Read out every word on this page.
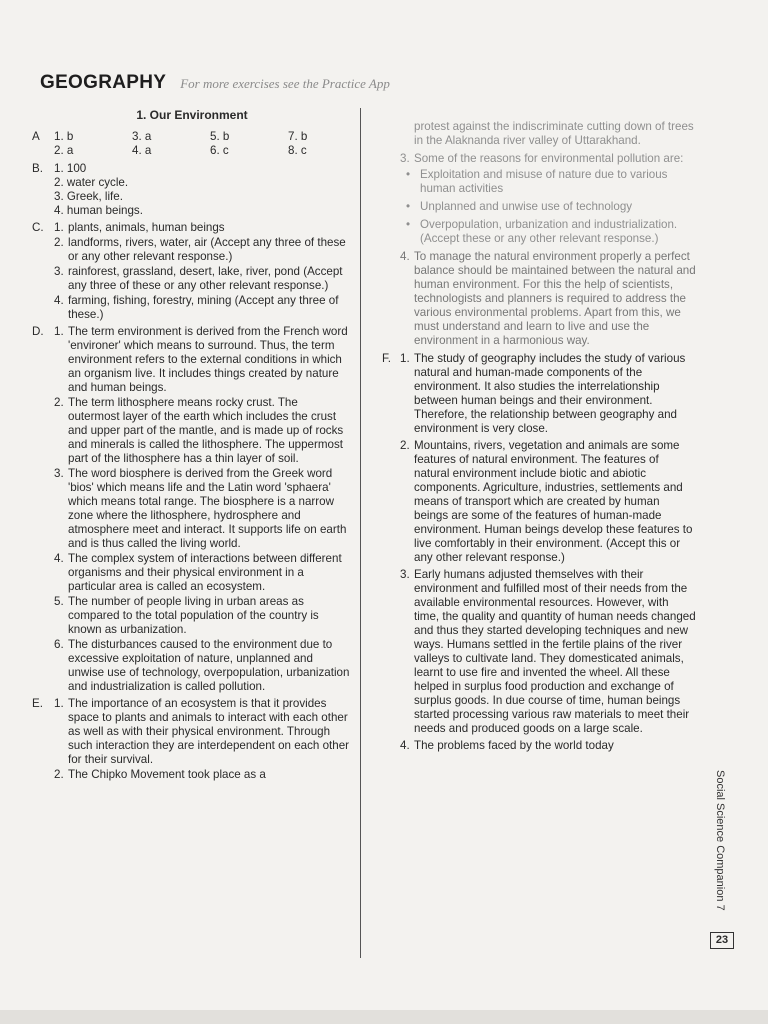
GEOGRAPHY For more exercises see the Practice App
1. Our Environment
A	1. b	3. a	5. b	7. b
2. a	4. a	6. c	8. c
B. 1. 100
2. water cycle.
3. Greek, life.
4. human beings.
C. 1. plants, animals, human beings
2. landforms, rivers, water, air (Accept any three of these or any other relevant response.)
3. rainforest, grassland, desert, lake, river, pond (Accept any three of these or any other relevant response.)
4. farming, fishing, forestry, mining (Accept any three of these.)
D. 1. The term environment is derived from the French word 'environer' which means to surround. Thus, the term environment refers to the external conditions in which an organism live. It includes things created by nature and human beings.
2. The term lithosphere means rocky crust. The outermost layer of the earth which includes the crust and upper part of the mantle, and is made up of rocks and minerals is called the lithosphere. The uppermost part of the lithosphere has a thin layer of soil.
3. The word biosphere is derived from the Greek word 'bios' which means life and the Latin word 'sphaera' which means total range. The biosphere is a narrow zone where the lithosphere, hydrosphere and atmosphere meet and interact. It supports life on earth and is thus called the living world.
4. The complex system of interactions between different organisms and their physical environment in a particular area is called an ecosystem.
5. The number of people living in urban areas as compared to the total population of the country is known as urbanization.
6. The disturbances caused to the environment due to excessive exploitation of nature, unplanned and unwise use of technology, overpopulation, urbanization and industrialization is called pollution.
E. 1. The importance of an ecosystem is that it provides space to plants and animals to interact with each other as well as with their physical environment. Through such interaction they are interdependent on each other for their survival.
2. The Chipko Movement took place as a
protest against the indiscriminate cutting down of trees in the Alaknanda river valley of Uttarakhand.
3. Some of the reasons for environmental pollution are:
• Exploitation and misuse of nature due to various human activities
• Unplanned and unwise use of technology
• Overpopulation, urbanization and industrialization. (Accept these or any other relevant response.)
4. To manage the natural environment properly a perfect balance should be maintained between the natural and human environment. For this the help of scientists, technologists and planners is required to address the various environmental problems. Apart from this, we must understand and learn to live and use the environment in a harmonious way.
F. 1. The study of geography includes the study of various natural and human-made components of the environment. It also studies the interrelationship between human beings and their environment. Therefore, the relationship between geography and environment is very close.
2. Mountains, rivers, vegetation and animals are some features of natural environment. The features of natural environment include biotic and abiotic components. Agriculture, industries, settlements and means of transport which are created by human beings are some of the features of human-made environment. Human beings develop these features to live comfortably in their environment. (Accept this or any other relevant response.)
3. Early humans adjusted themselves with their environment and fulfilled most of their needs from the available environmental resources. However, with time, the quality and quantity of human needs changed and thus they started developing techniques and new ways. Humans settled in the fertile plains of the river valleys to cultivate land. They domesticated animals, learnt to use fire and invented the wheel. All these helped in surplus food production and exchange of surplus goods. In due course of time, human beings started processing various raw materials to meet their needs and produced goods on a large scale.
4. The problems faced by the world today
Social Science Companion 7
23
